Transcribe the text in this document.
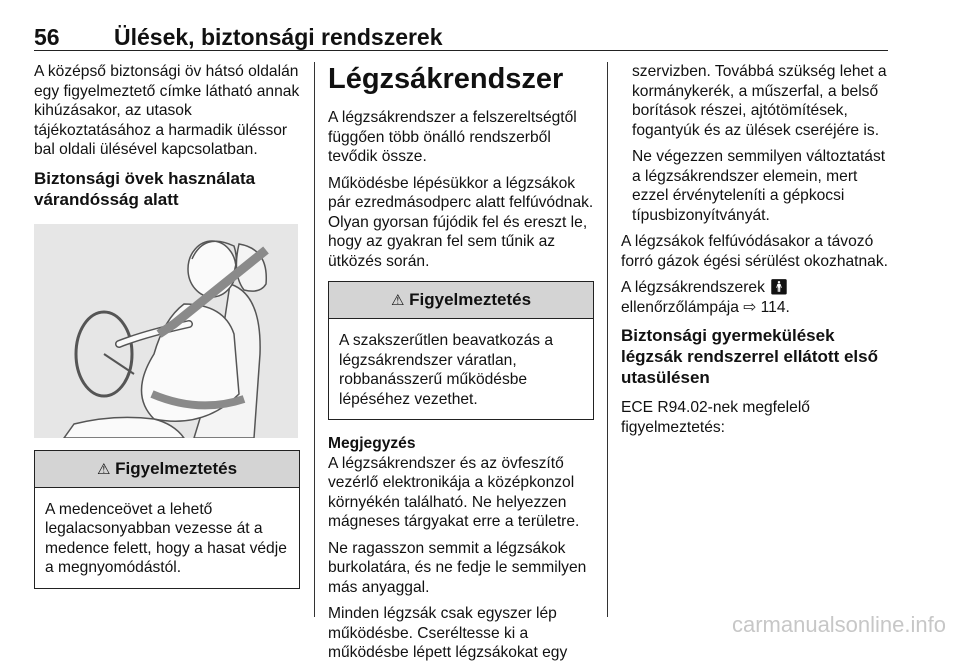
56 Ülések, biztonsági rendszerek

A középső biztonsági öv hátsó oldalán egy figyelmeztető címke látható annak kihúzásakor, az utasok tájékoztatásához a harmadik üléssor bal oldali ülésével kapcsolatban.

Biztonsági övek használata várandósság alatt
⚠ Figyelmeztetés

A medenceövet a lehető legalacsonyabban vezesse át a medence felett, hogy a hasat védje a megnyomódástól.

Légzsákrendszer

A légzsákrendszer a felszereltségtől függően több önálló rendszerből tevődik össze.

Működésbe lépésükkor a légzsákok pár ezredmásodperc alatt felfúvódnak. Olyan gyorsan fújódik fel és ereszt le, hogy az gyakran fel sem tűnik az ütközés során.

⚠ Figyelmeztetés

A szakszerűtlen beavatkozás a légzsákrendszer váratlan, robbanásszerű működésbe lépéséhez vezethet.

Megjegyzés

A légzsákrendszer és az övfeszítő vezérlő elektronikája a középkonzol környékén található. Ne helyezzen mágneses tárgyakat erre a területre.

Ne ragasszon semmit a légzsákok burkolatára, és ne fedje le semmilyen más anyaggal.

Minden légzsák csak egyszer lép működésbe. Cseréltesse ki a működésbe lépett légzsákokat egy

szervizben. Továbbá szükség lehet a kormánykerék, a műszerfal, a belső borítások részei, ajtótömítések, fogantyúk és az ülések cseréjére is.

Ne végezzen semmilyen változtatást a légzsákrendszer elemein, mert ezzel érvényteleníti a gépkocsi típusbizonyítványát.

A légzsákok felfúvódásakor a távozó forró gázok égési sérülést okozhatnak.

A légzsákrendszerek 🚹︎
ellenőrzőlámpája ⇨ 114.

Biztonsági gyermekülések légzsák rendszerrel ellátott első utasülésen

ECE R94.02-nek megfelelő figyelmeztetés:

carmanualsonline.info
